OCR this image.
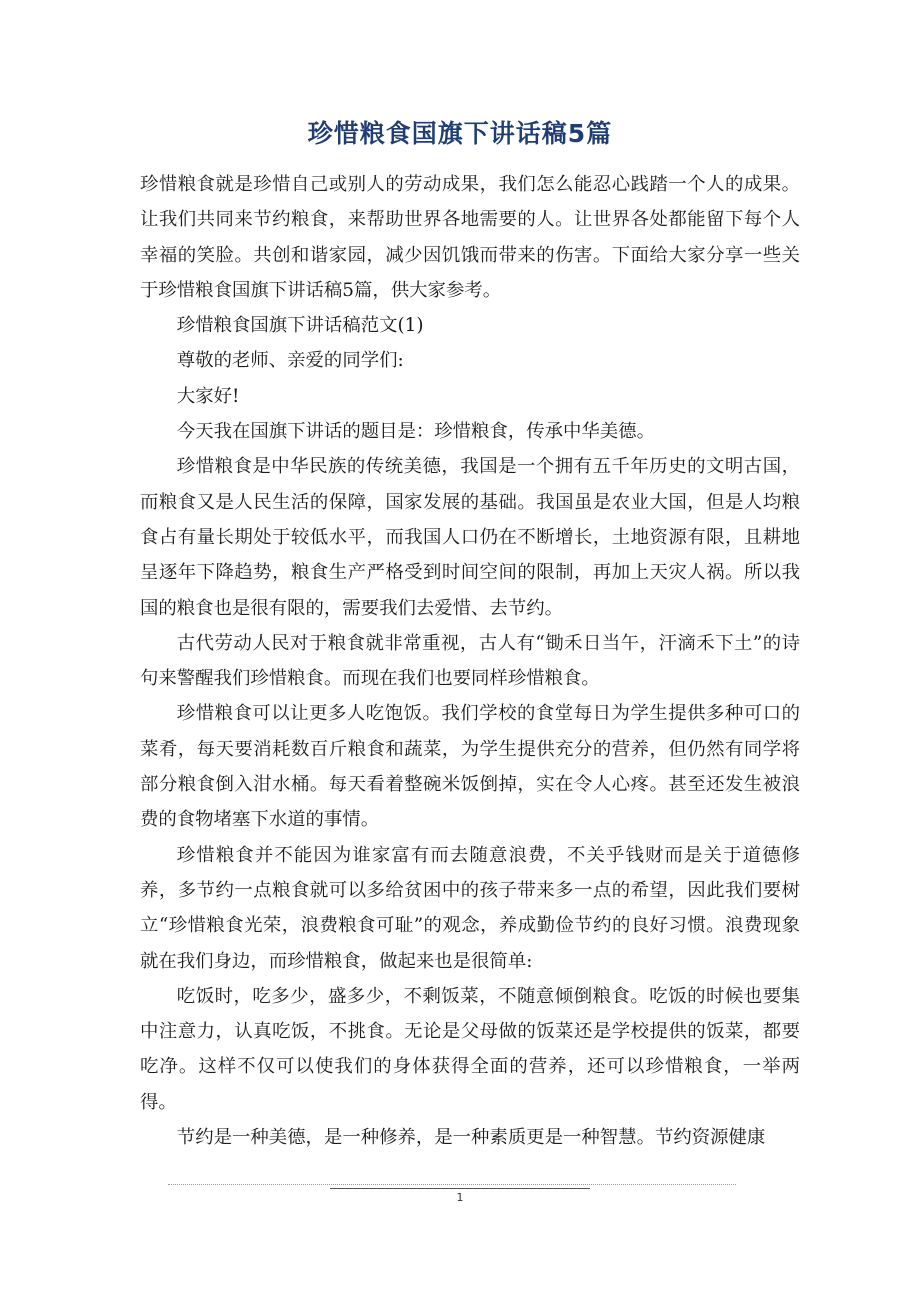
珍惜粮食国旗下讲话稿5篇

珍惜粮食就是珍惜自己或别人的劳动成果，我们怎么能忍心践踏一个人的成果。让我们共同来节约粮食，来帮助世界各地需要的人。让世界各处都能留下每个人幸福的笑脸。共创和谐家园，减少因饥饿而带来的伤害。下面给大家分享一些关于珍惜粮食国旗下讲话稿5篇，供大家参考。

珍惜粮食国旗下讲话稿范文(1)

尊敬的老师、亲爱的同学们:

大家好!

今天我在国旗下讲话的题目是：珍惜粮食，传承中华美德。

珍惜粮食是中华民族的传统美德，我国是一个拥有五千年历史的文明古国，而粮食又是人民生活的保障，国家发展的基础。我国虽是农业大国，但是人均粮食占有量长期处于较低水平，而我国人口仍在不断增长，土地资源有限，且耕地呈逐年下降趋势，粮食生产严格受到时间空间的限制，再加上天灾人祸。所以我国的粮食也是很有限的，需要我们去爱惜、去节约。

古代劳动人民对于粮食就非常重视，古人有“锄禾日当午，汗滴禾下土”的诗句来警醒我们珍惜粮食。而现在我们也要同样珍惜粮食。

珍惜粮食可以让更多人吃饱饭。我们学校的食堂每日为学生提供多种可口的菜肴，每天要消耗数百斤粮食和蔬菜，为学生提供充分的营养，但仍然有同学将部分粮食倒入泔水桶。每天看着整碗米饭倒掉，实在令人心疼。甚至还发生被浪费的食物堵塞下水道的事情。

珍惜粮食并不能因为谁家富有而去随意浪费，不关乎钱财而是关于道德修养，多节约一点粮食就可以多给贫困中的孩子带来多一点的希望，因此我们要树立“珍惜粮食光荣，浪费粮食可耻”的观念，养成勤俭节约的良好习惯。浪费现象就在我们身边，而珍惜粮食，做起来也是很简单:

吃饭时，吃多少，盛多少，不剩饭菜，不随意倾倒粮食。吃饭的时候也要集中注意力，认真吃饭，不挑食。无论是父母做的饭菜还是学校提供的饭菜，都要吃净。这样不仅可以使我们的身体获得全面的营养，还可以珍惜粮食，一举两得。

节约是一种美德，是一种修养，是一种素质更是一种智慧。节约资源健康

1
